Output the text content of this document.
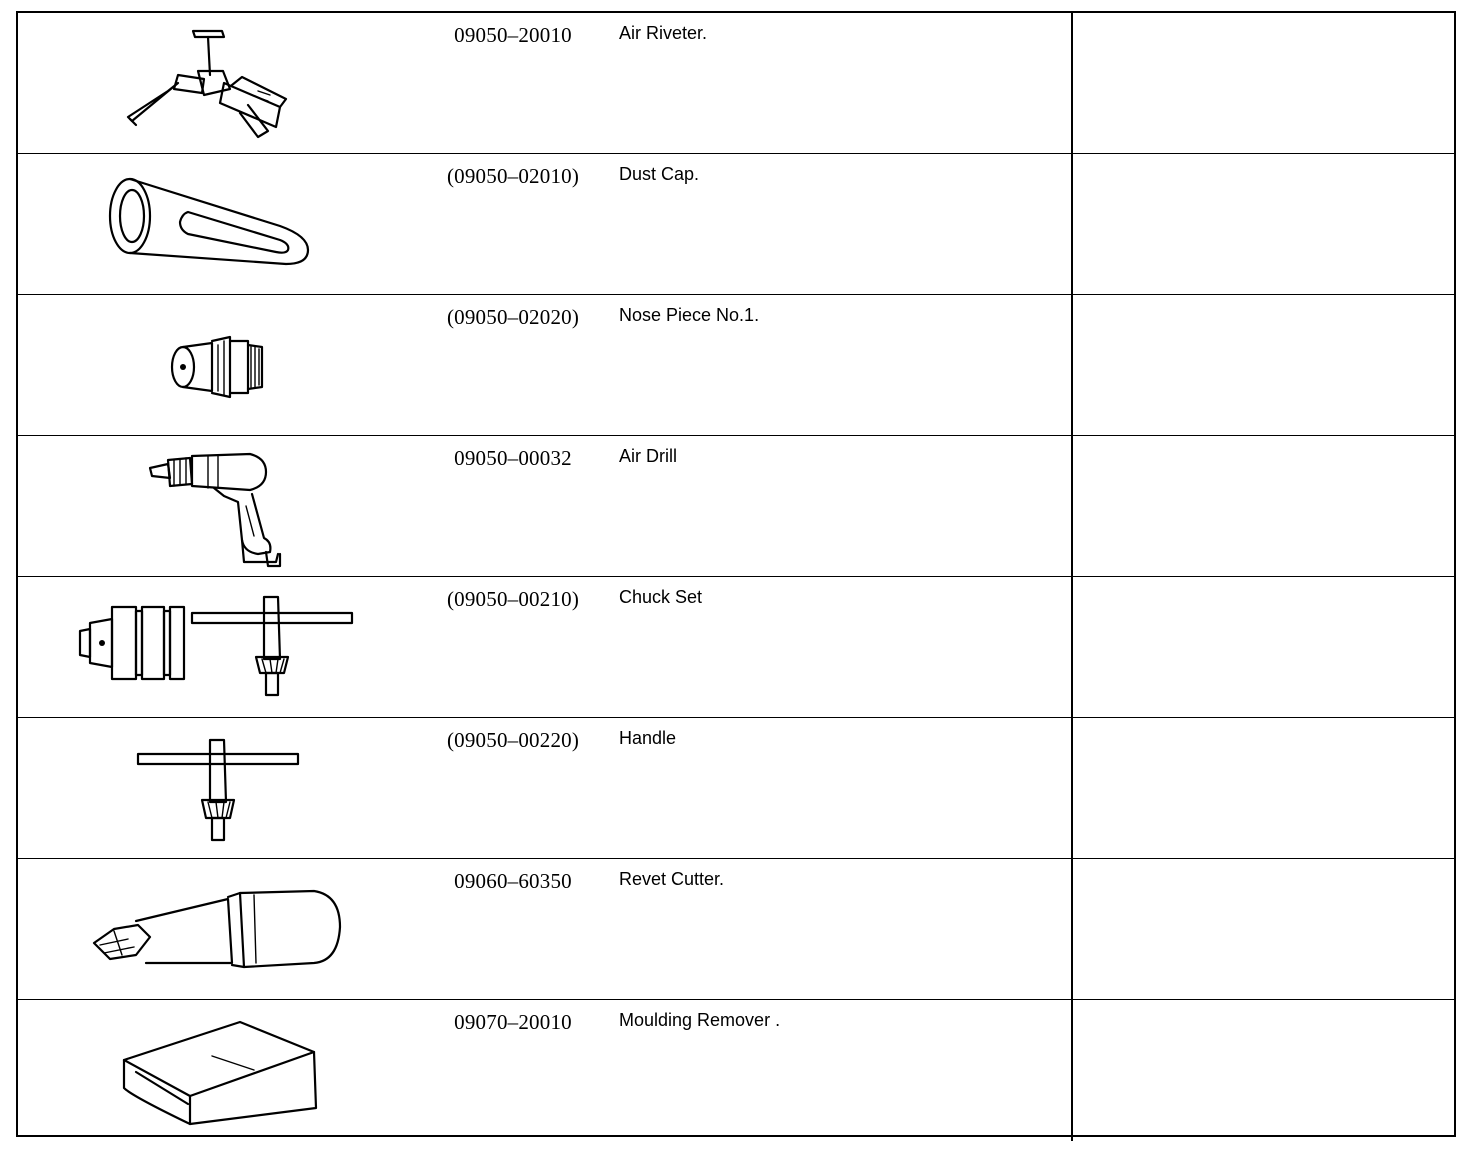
09050–20010	Air Riveter.
(09050–02010)	Dust Cap.
(09050–02020)	Nose Piece No.1.
09050–00032	Air Drill
(09050–00210)	Chuck Set
(09050–00220)	Handle
09060–60350	Revet Cutter.
09070–20010	Moulding Remover .
